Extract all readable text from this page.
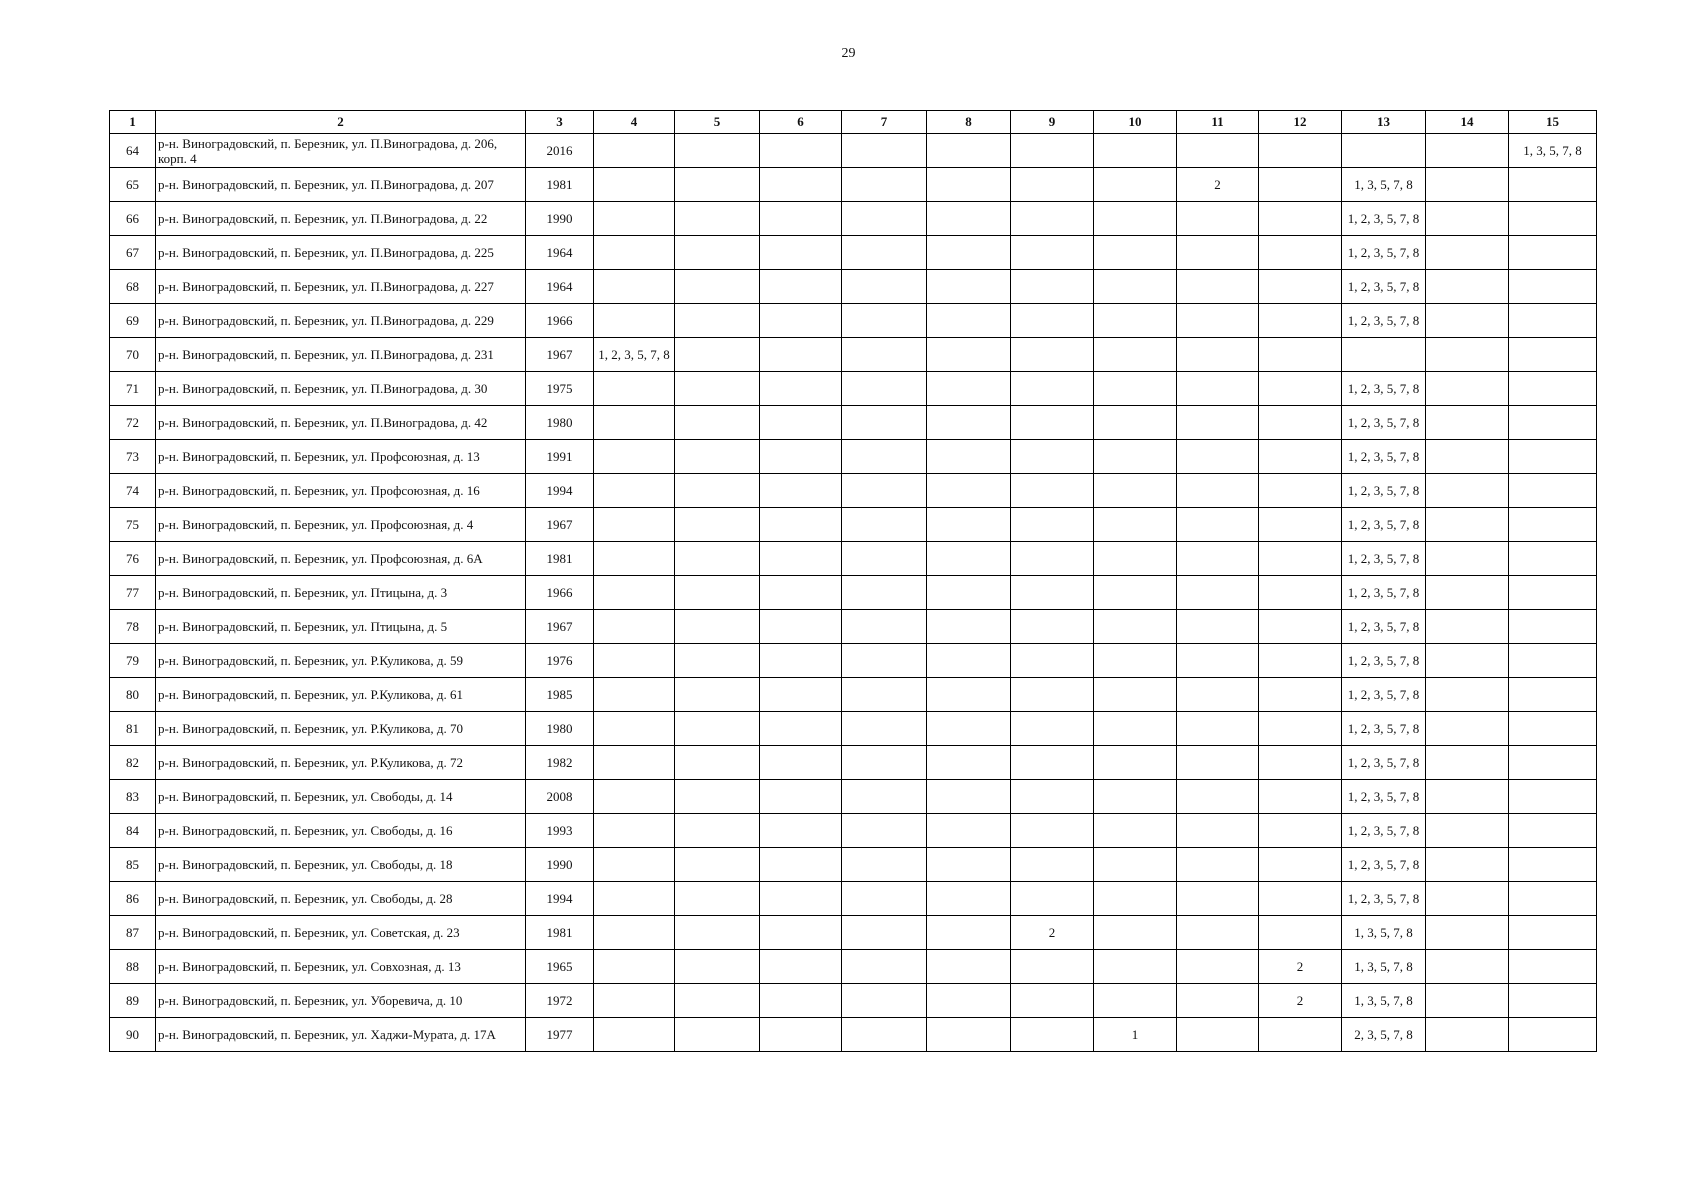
29
1	2	3	4	5	6	7	8	9	10	11	12	13	14	15
64	р-н. Виноградовский, п. Березник, ул. П.Виноградова, д. 206, корп. 4	2016												1, 3, 5, 7, 8
65	р-н. Виноградовский, п. Березник, ул. П.Виноградова, д. 207	1981								2		1, 3, 5, 7, 8		
66	р-н. Виноградовский, п. Березник, ул. П.Виноградова, д. 22	1990										1, 2, 3, 5, 7, 8		
67	р-н. Виноградовский, п. Березник, ул. П.Виноградова, д. 225	1964										1, 2, 3, 5, 7, 8		
68	р-н. Виноградовский, п. Березник, ул. П.Виноградова, д. 227	1964										1, 2, 3, 5, 7, 8		
69	р-н. Виноградовский, п. Березник, ул. П.Виноградова, д. 229	1966										1, 2, 3, 5, 7, 8		
70	р-н. Виноградовский, п. Березник, ул. П.Виноградова, д. 231	1967	1, 2, 3, 5, 7, 8											
71	р-н. Виноградовский, п. Березник, ул. П.Виноградова, д. 30	1975										1, 2, 3, 5, 7, 8		
72	р-н. Виноградовский, п. Березник, ул. П.Виноградова, д. 42	1980										1, 2, 3, 5, 7, 8		
73	р-н. Виноградовский, п. Березник, ул. Профсоюзная, д. 13	1991										1, 2, 3, 5, 7, 8		
74	р-н. Виноградовский, п. Березник, ул. Профсоюзная, д. 16	1994										1, 2, 3, 5, 7, 8		
75	р-н. Виноградовский, п. Березник, ул. Профсоюзная, д. 4	1967										1, 2, 3, 5, 7, 8		
76	р-н. Виноградовский, п. Березник, ул. Профсоюзная, д. 6А	1981										1, 2, 3, 5, 7, 8		
77	р-н. Виноградовский, п. Березник, ул. Птицына, д. 3	1966										1, 2, 3, 5, 7, 8		
78	р-н. Виноградовский, п. Березник, ул. Птицына, д. 5	1967										1, 2, 3, 5, 7, 8		
79	р-н. Виноградовский, п. Березник, ул. Р.Куликова, д. 59	1976										1, 2, 3, 5, 7, 8		
80	р-н. Виноградовский, п. Березник, ул. Р.Куликова, д. 61	1985										1, 2, 3, 5, 7, 8		
81	р-н. Виноградовский, п. Березник, ул. Р.Куликова, д. 70	1980										1, 2, 3, 5, 7, 8		
82	р-н. Виноградовский, п. Березник, ул. Р.Куликова, д. 72	1982										1, 2, 3, 5, 7, 8		
83	р-н. Виноградовский, п. Березник, ул. Свободы, д. 14	2008										1, 2, 3, 5, 7, 8		
84	р-н. Виноградовский, п. Березник, ул. Свободы, д. 16	1993										1, 2, 3, 5, 7, 8		
85	р-н. Виноградовский, п. Березник, ул. Свободы, д. 18	1990										1, 2, 3, 5, 7, 8		
86	р-н. Виноградовский, п. Березник, ул. Свободы, д. 28	1994										1, 2, 3, 5, 7, 8		
87	р-н. Виноградовский, п. Березник, ул. Советская, д. 23	1981						2				1, 3, 5, 7, 8		
88	р-н. Виноградовский, п. Березник, ул. Совхозная, д. 13	1965									2	1, 3, 5, 7, 8		
89	р-н. Виноградовский, п. Березник, ул. Уборевича, д. 10	1972									2	1, 3, 5, 7, 8		
90	р-н. Виноградовский, п. Березник, ул. Хаджи-Мурата, д. 17А	1977							1			2, 3, 5, 7, 8		
